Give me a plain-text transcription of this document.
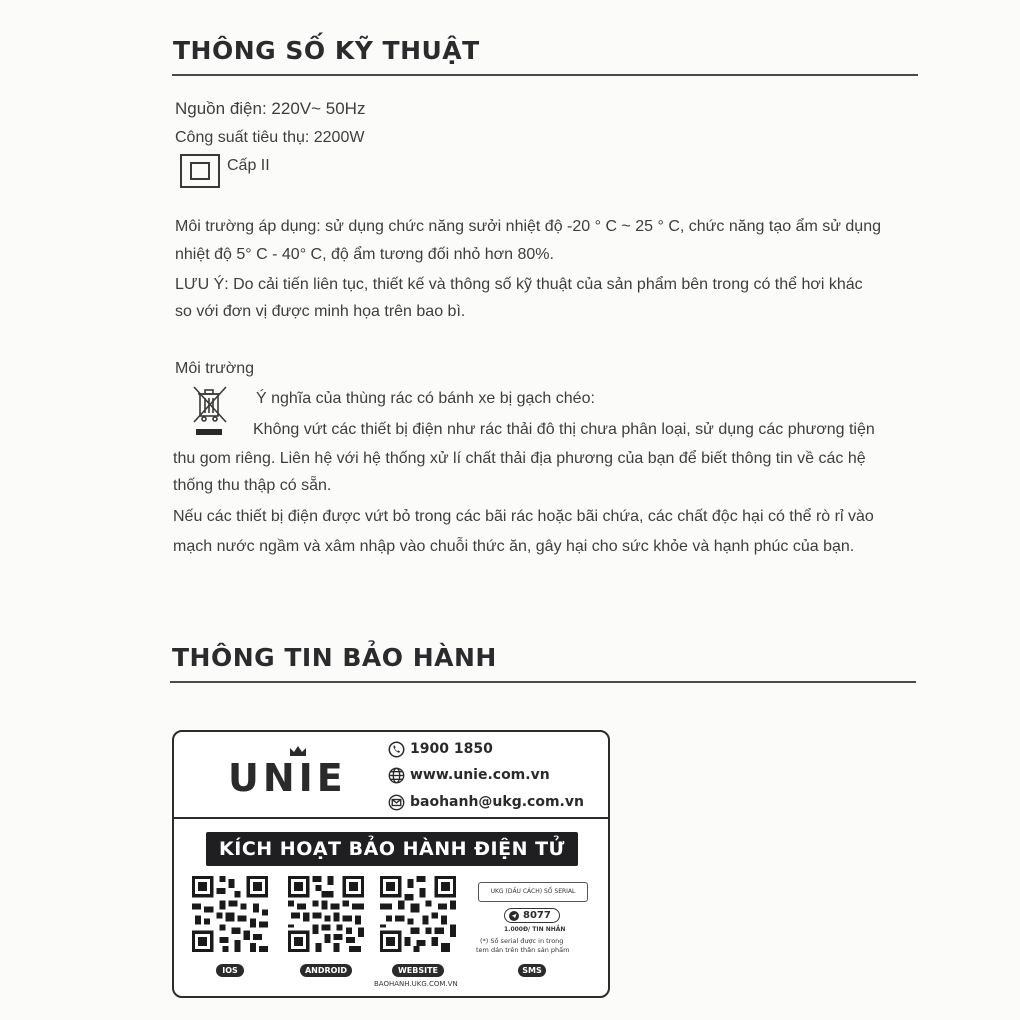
THÔNG SỐ KỸ THUẬT
Nguồn điện: 220V~ 50Hz
Công suất tiêu thụ: 2200W
Cấp II
Môi trường áp dụng: sử dụng chức năng sưởi nhiệt độ -20 ° C ~ 25 ° C, chức năng tạo ẩm sử dụng
nhiệt độ 5° C - 40° C, độ ẩm tương đối nhỏ hơn 80%.
LƯU Ý: Do cải tiến liên tục, thiết kế và thông số kỹ thuật của sản phẩm bên trong có thể hơi khác
so với đơn vị được minh họa trên bao bì.
Môi trường
Ý nghĩa của thùng rác có bánh xe bị gạch chéo:
Không vứt các thiết bị điện như rác thải đô thị chưa phân loại, sử dụng các phương tiện
thu gom riêng. Liên hệ với hệ thống xử lí chất thải địa phương của bạn để biết thông tin về các hệ
thống thu thập có sẵn.
Nếu các thiết bị điện được vứt bỏ trong các bãi rác hoặc bãi chứa, các chất độc hại có thể rò rỉ vào
mạch nước ngầm và xâm nhập vào chuỗi thức ăn, gây hại cho sức khỏe và hạnh phúc của bạn.
THÔNG TIN BẢO HÀNH
UNIE
1900 1850
www.unie.com.vn
baohanh@ukg.com.vn
KÍCH HOẠT BẢO HÀNH ĐIỆN TỬ
IOS	ANDROID	WEBSITE	SMS
BAOHANH.UKG.COM.VN
UKG (DẤU CÁCH) SỐ SERIAL
8077
1.000Đ/ TIN NHẮN
(*) Số serial được in trong
tem dán trên thân sản phẩm
